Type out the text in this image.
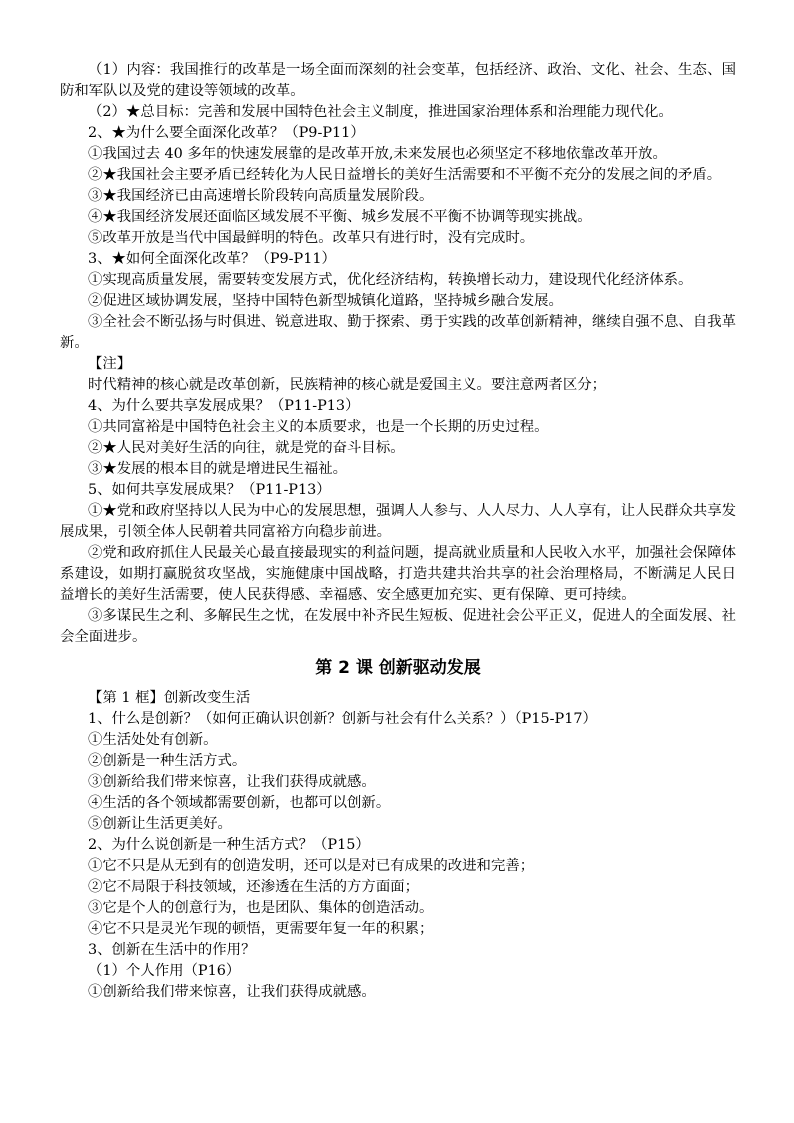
（1）内容：我国推行的改革是一场全面而深刻的社会变革，包括经济、政治、文化、社会、生态、国防和军队以及党的建设等领域的改革。

（2）★总目标：完善和发展中国特色社会主义制度，推进国家治理体系和治理能力现代化。

2、★为什么要全面深化改革？（P9-P11）

①我国过去 40 多年的快速发展靠的是改革开放,未来发展也必须坚定不移地依靠改革开放。

②★我国社会主要矛盾已经转化为人民日益增长的美好生活需要和不平衡不充分的发展之间的矛盾。

③★我国经济已由高速增长阶段转向高质量发展阶段。

④★我国经济发展还面临区域发展不平衡、城乡发展不平衡不协调等现实挑战。

⑤改革开放是当代中国最鲜明的特色。改革只有进行时，没有完成时。

3、★如何全面深化改革？（P9-P11）

①实现高质量发展，需要转变发展方式，优化经济结构，转换增长动力，建设现代化经济体系。

②促进区域协调发展，坚持中国特色新型城镇化道路，坚持城乡融合发展。

③全社会不断弘扬与时俱进、锐意进取、勤于探索、勇于实践的改革创新精神，继续自强不息、自我革新。

【注】

时代精神的核心就是改革创新，民族精神的核心就是爱国主义。要注意两者区分；

4、为什么要共享发展成果？（P11-P13）

①共同富裕是中国特色社会主义的本质要求，也是一个长期的历史过程。

②★人民对美好生活的向往，就是党的奋斗目标。

③★发展的根本目的就是增进民生福祉。

5、如何共享发展成果？（P11-P13）

①★党和政府坚持以人民为中心的发展思想，强调人人参与、人人尽力、人人享有，让人民群众共享发展成果，引领全体人民朝着共同富裕方向稳步前进。

②党和政府抓住人民最关心最直接最现实的利益问题，提高就业质量和人民收入水平，加强社会保障体系建设，如期打赢脱贫攻坚战，实施健康中国战略，打造共建共治共享的社会治理格局，不断满足人民日益增长的美好生活需要，使人民获得感、幸福感、安全感更加充实、更有保障、更可持续。

③多谋民生之利、多解民生之忧，在发展中补齐民生短板、促进社会公平正义，促进人的全面发展、社会全面进步。

第 2 课 创新驱动发展

【第 1 框】创新改变生活

1、什么是创新？（如何正确认识创新？创新与社会有什么关系？）（P15-P17）

①生活处处有创新。

②创新是一种生活方式。

③创新给我们带来惊喜，让我们获得成就感。

④生活的各个领域都需要创新，也都可以创新。

⑤创新让生活更美好。

2、为什么说创新是一种生活方式？（P15）

①它不只是从无到有的创造发明，还可以是对已有成果的改进和完善；

②它不局限于科技领域，还渗透在生活的方方面面；

③它是个人的创意行为，也是团队、集体的创造活动。

④它不只是灵光乍现的顿悟，更需要年复一年的积累；

3、创新在生活中的作用？

（1）个人作用（P16）

①创新给我们带来惊喜，让我们获得成就感。
